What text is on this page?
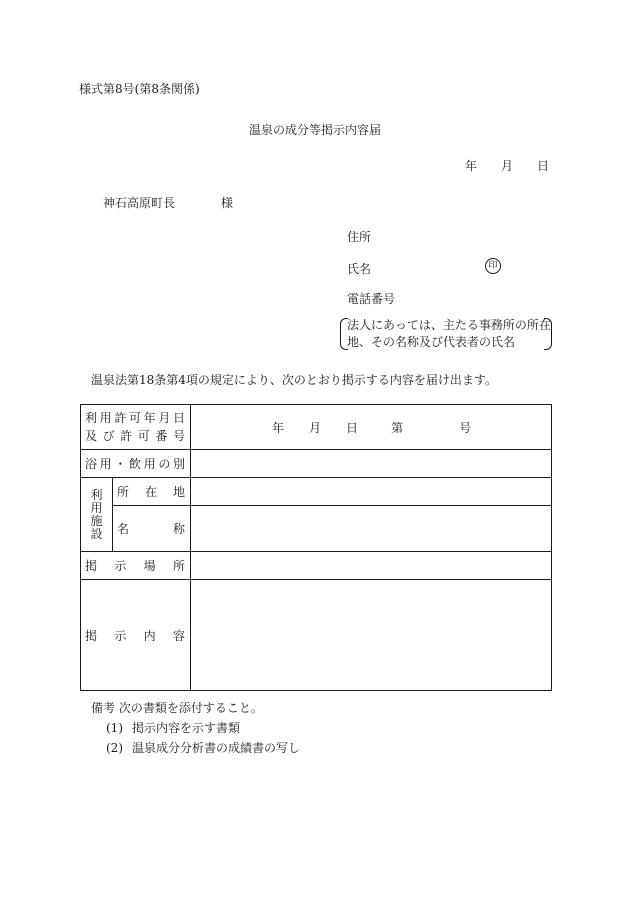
様式第8号(第8条関係)
温泉の成分等掲示内容届
年 月 日
神石高原町長	様
住所
氏名	印
電話番号
法人にあっては、主たる事務所の所在
地、その名称及び代表者の氏名
温泉法第18条第4項の規定により、次のとおり掲示する内容を届け出ます。
利用許可年月日
及び許可番号		年 月 日 第 号

浴用・飲用の別		

利
用
施
設	所在地	

	名称	

掲示場所		

掲示内容		

備考 次の書類を添付すること。
(1) 掲示内容を示す書類
(2) 温泉成分分析書の成績書の写し
